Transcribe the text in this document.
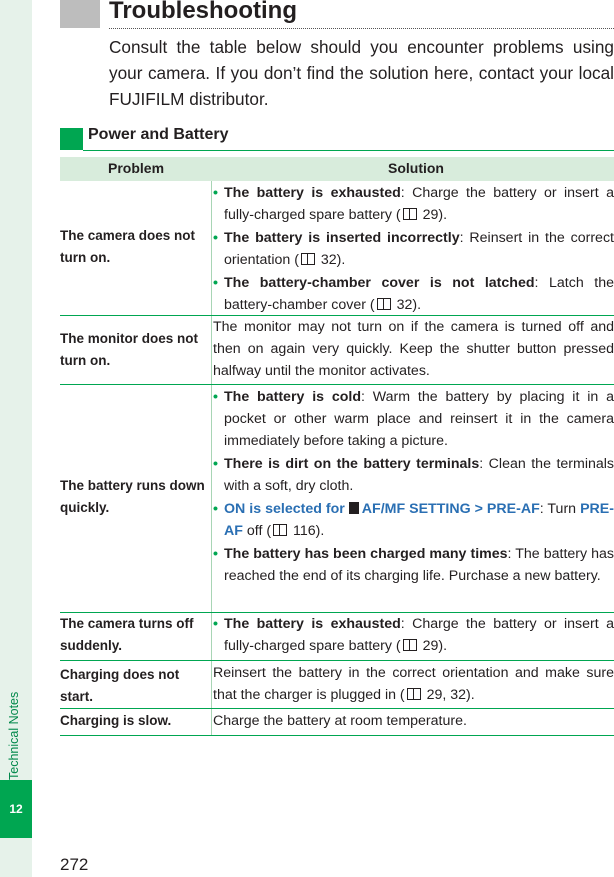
Technical Notes
12
Troubleshooting
Consult the table below should you encounter problems using your camera. If you don’t find the solution here, contact your local FUJIFILM distributor.
Power and Battery
Problem	Solution
The camera does not turn on.
• The battery is exhausted: Charge the battery or insert a fully-charged spare battery ( 29).
• The battery is inserted incorrectly: Reinsert in the correct orientation ( 32).
• The battery-chamber cover is not latched: Latch the battery-chamber cover ( 32).
The monitor does not turn on.
The monitor may not turn on if the camera is turned off and then on again very quickly. Keep the shutter button pressed halfway until the monitor activates.
The battery runs down quickly.
• The battery is cold: Warm the battery by placing it in a pocket or other warm place and reinsert it in the camera immediately before taking a picture.
• There is dirt on the battery terminals: Clean the terminals with a soft, dry cloth.
• ON is selected for AF/MF SETTING > PRE-AF: Turn PRE-AF off ( 116).
• The battery has been charged many times: The battery has reached the end of its charging life. Purchase a new battery.
The camera turns off suddenly.
• The battery is exhausted: Charge the battery or insert a fully-charged spare battery ( 29).
Charging does not start.
Reinsert the battery in the correct orientation and make sure that the charger is plugged in ( 29, 32).
Charging is slow.	Charge the battery at room temperature.
272
